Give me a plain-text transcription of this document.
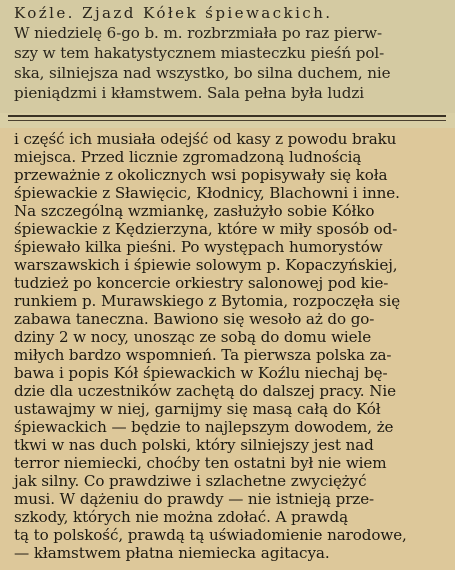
Koźle. Zjazd Kółek śpiewackich.
W niedzielę 6-go b. m. rozbrzmiała po raz pierw-
szy w tem hakatystycznem miasteczku pieśń pol-
ska, silniejsza nad wszystko, bo silna duchem, nie
pieniądzmi i kłamstwem. Sala pełna była ludzi
i część ich musiała odejść od kasy z powodu braku
miejsca. Przed licznie zgromadzoną ludnością
przeważnie z okolicznych wsi popisywały się koła
śpiewackie z Sławięcic, Kłodnicy, Blachowni i inne.
Na szczególną wzmiankę, zasłużyło sobie Kółko
śpiewackie z Kędzierzyna, które w miły sposób od-
śpiewało kilka pieśni. Po występach humorystów
warszawskich i śpiewie solowym p. Kopaczyńskiej,
tudzież po koncercie orkiestry salonowej pod kie-
runkiem p. Murawskiego z Bytomia, rozpoczęła się
zabawa taneczna. Bawiono się wesoło aż do go-
dziny 2 w nocy, unosząc ze sobą do domu wiele
miłych bardzo wspomnień. Ta pierwsza polska za-
bawa i popis Kół śpiewackich w Koźlu niechaj bę-
dzie dla uczestników zachętą do dalszej pracy. Nie
ustawajmy w niej, garnijmy się masą całą do Kół
śpiewackich — będzie to najlepszym dowodem, że
tkwi w nas duch polski, który silniejszy jest nad
terror niemiecki, choćby ten ostatni był nie wiem
jak silny. Co prawdziwe i szlachetne zwyciężyć
musi. W dążeniu do prawdy — nie istnieją prze-
szkody, których nie można zdołać. A prawdą
tą to polskość, prawdą tą uświadomienie narodowe,
— kłamstwem płatna niemiecka agitacya.
